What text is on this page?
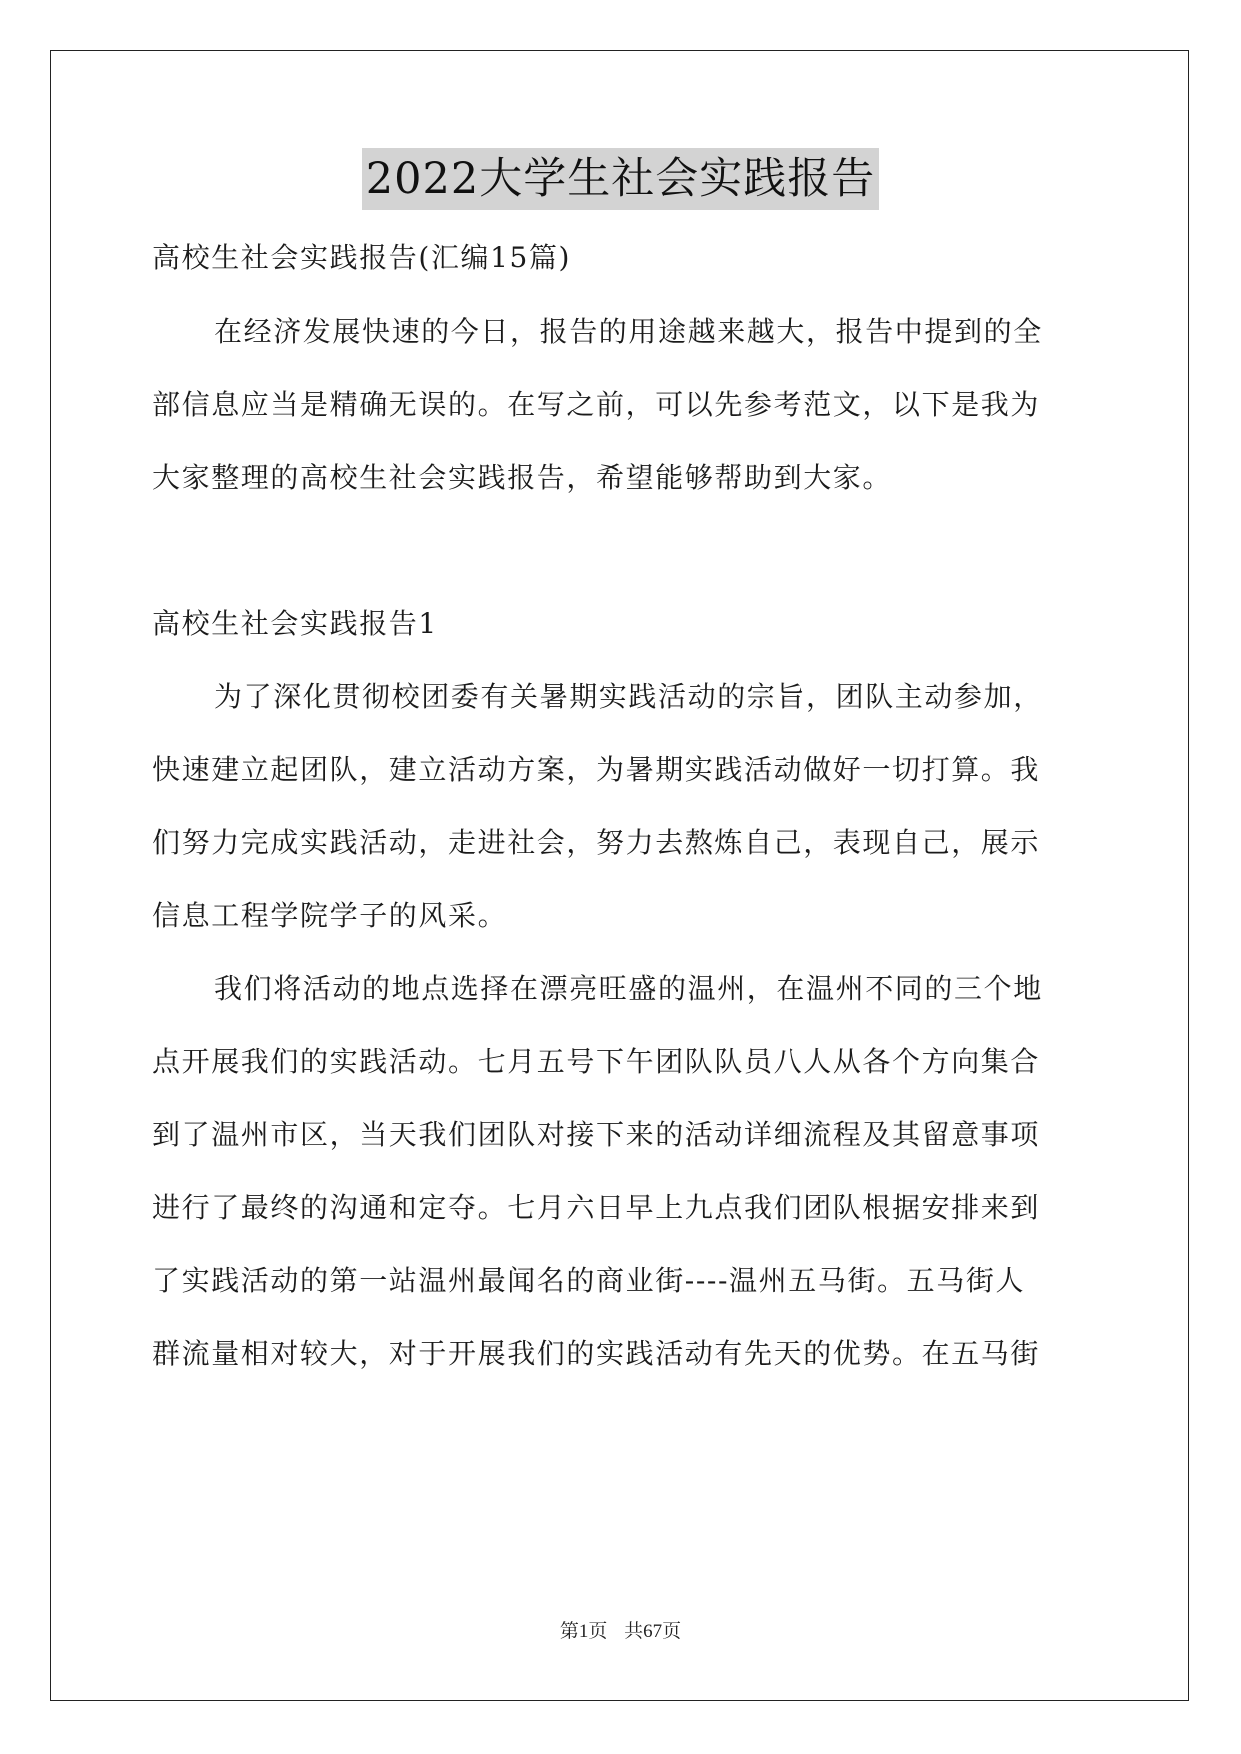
2022大学生社会实践报告
高校生社会实践报告(汇编15篇)
在经济发展快速的今日，报告的用途越来越大，报告中提到的全
部信息应当是精确无误的。在写之前，可以先参考范文，以下是我为
大家整理的高校生社会实践报告，希望能够帮助到大家。
高校生社会实践报告1
为了深化贯彻校团委有关暑期实践活动的宗旨，团队主动参加，
快速建立起团队，建立活动方案，为暑期实践活动做好一切打算。我
们努力完成实践活动，走进社会，努力去熬炼自己，表现自己，展示
信息工程学院学子的风采。
我们将活动的地点选择在漂亮旺盛的温州，在温州不同的三个地
点开展我们的实践活动。七月五号下午团队队员八人从各个方向集合
到了温州市区，当天我们团队对接下来的活动详细流程及其留意事项
进行了最终的沟通和定夺。七月六日早上九点我们团队根据安排来到
了实践活动的第一站温州最闻名的商业街----温州五马街。五马街人
群流量相对较大，对于开展我们的实践活动有先天的优势。在五马街
第1页 共67页
